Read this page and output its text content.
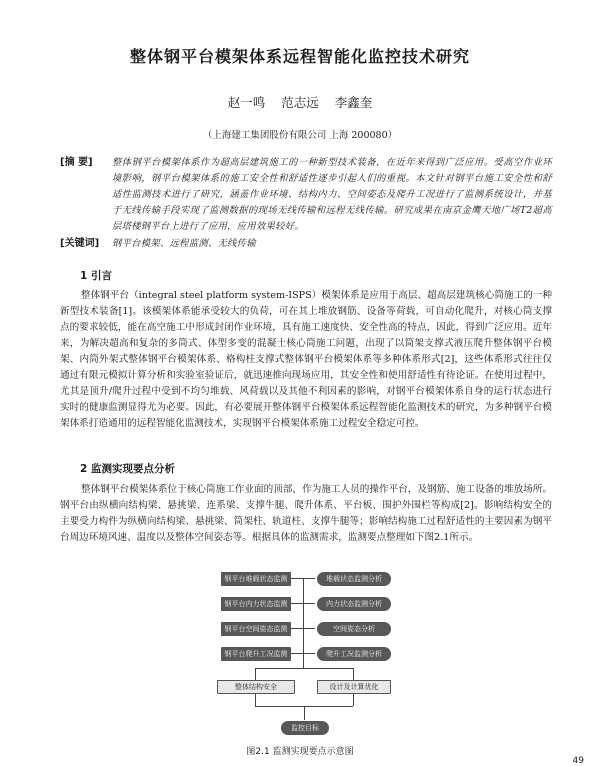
整体钢平台模架体系远程智能化监控技术研究
赵一鸣 范志远 李鑫奎
（上海建工集团股份有限公司 上海 200080）
[摘 要]	整体钢平台模架体系作为超高层建筑施工的一种新型技术装备，在近年来得到广泛应用。受高空作业环境影响，钢平台模架体系的施工安全性和舒适性逐步引起人们的重视。本文针对钢平台施工安全性和舒适性监测技术进行了研究，涵盖作业环境、结构内力、空间姿态及爬升工况进行了监测系统设计，并基于无线传输手段实现了监测数据的现场无线传输和远程无线传输。研究成果在南京金鹰天地广场T2超高层塔楼钢平台上进行了应用，应用效果较好。
[关键词]	钢平台模架、远程监测、无线传输
1 引言
整体钢平台（integral steel platform system-ISPS）模架体系是应用于高层、超高层建筑核心筒施工的一种新型技术装备[1]。该模架体系能承受较大的负荷，可在其上堆放钢筋、设备等荷载，可自动化爬升，对核心筒支撑点的要求较低，能在高空施工中形成封闭作业环境，具有施工速度快、安全性高的特点，因此，得到广泛应用。近年来，为解决超高和复杂的多筒式、体型多变的混凝土核心筒施工问题，出现了以筒架支撑式液压爬升整体钢平台模架、内筒外架式整体钢平台模架体系、格构柱支撑式整体钢平台模架体系等多种体系形式[2]，这些体系形式往往仅通过有限元模拟计算分析和实验室验证后，就迅速推向现场应用，其安全性和使用舒适性有待论证。在使用过程中，尤其是顶升/爬升过程中受到不均匀堆载、风荷载以及其他不利因素的影响，对钢平台模架体系自身的运行状态进行实时的健康监测显得尤为必要。因此，有必要展开整体钢平台模架体系远程智能化监测技术的研究，为多种钢平台模架体系打造通用的远程智能化监测技术，实现钢平台模架体系施工过程安全稳定可控。
2 监测实现要点分析
整体钢平台模架体系位于核心筒施工作业面的顶部，作为施工人员的操作平台，及钢筋、施工设备的堆放场所。钢平台由纵横向结构梁、悬挑梁、连系梁、支撑牛腿、爬升体系、平台板、围护外围栏等构成[2]。影响结构安全的主要受力构件为纵横向结构梁、悬挑梁、筒架柱、轨道柱、支撑牛腿等；影响结构施工过程舒适性的主要因素为钢平台周边环境风速、温度以及整体空间姿态等。根据具体的监测需求，监测要点整理如下图2.1所示。
钢平台堆载状态监测
钢平台内力状态监测
钢平台空间姿态监测
钢平台爬升工况监测
堆载状态监测分析
内力状态监测分析
空间姿态分析
爬升工况监测分析
整体结构安全	设计及计算优化
监控目标
图2.1 监测实现要点示意图
49
